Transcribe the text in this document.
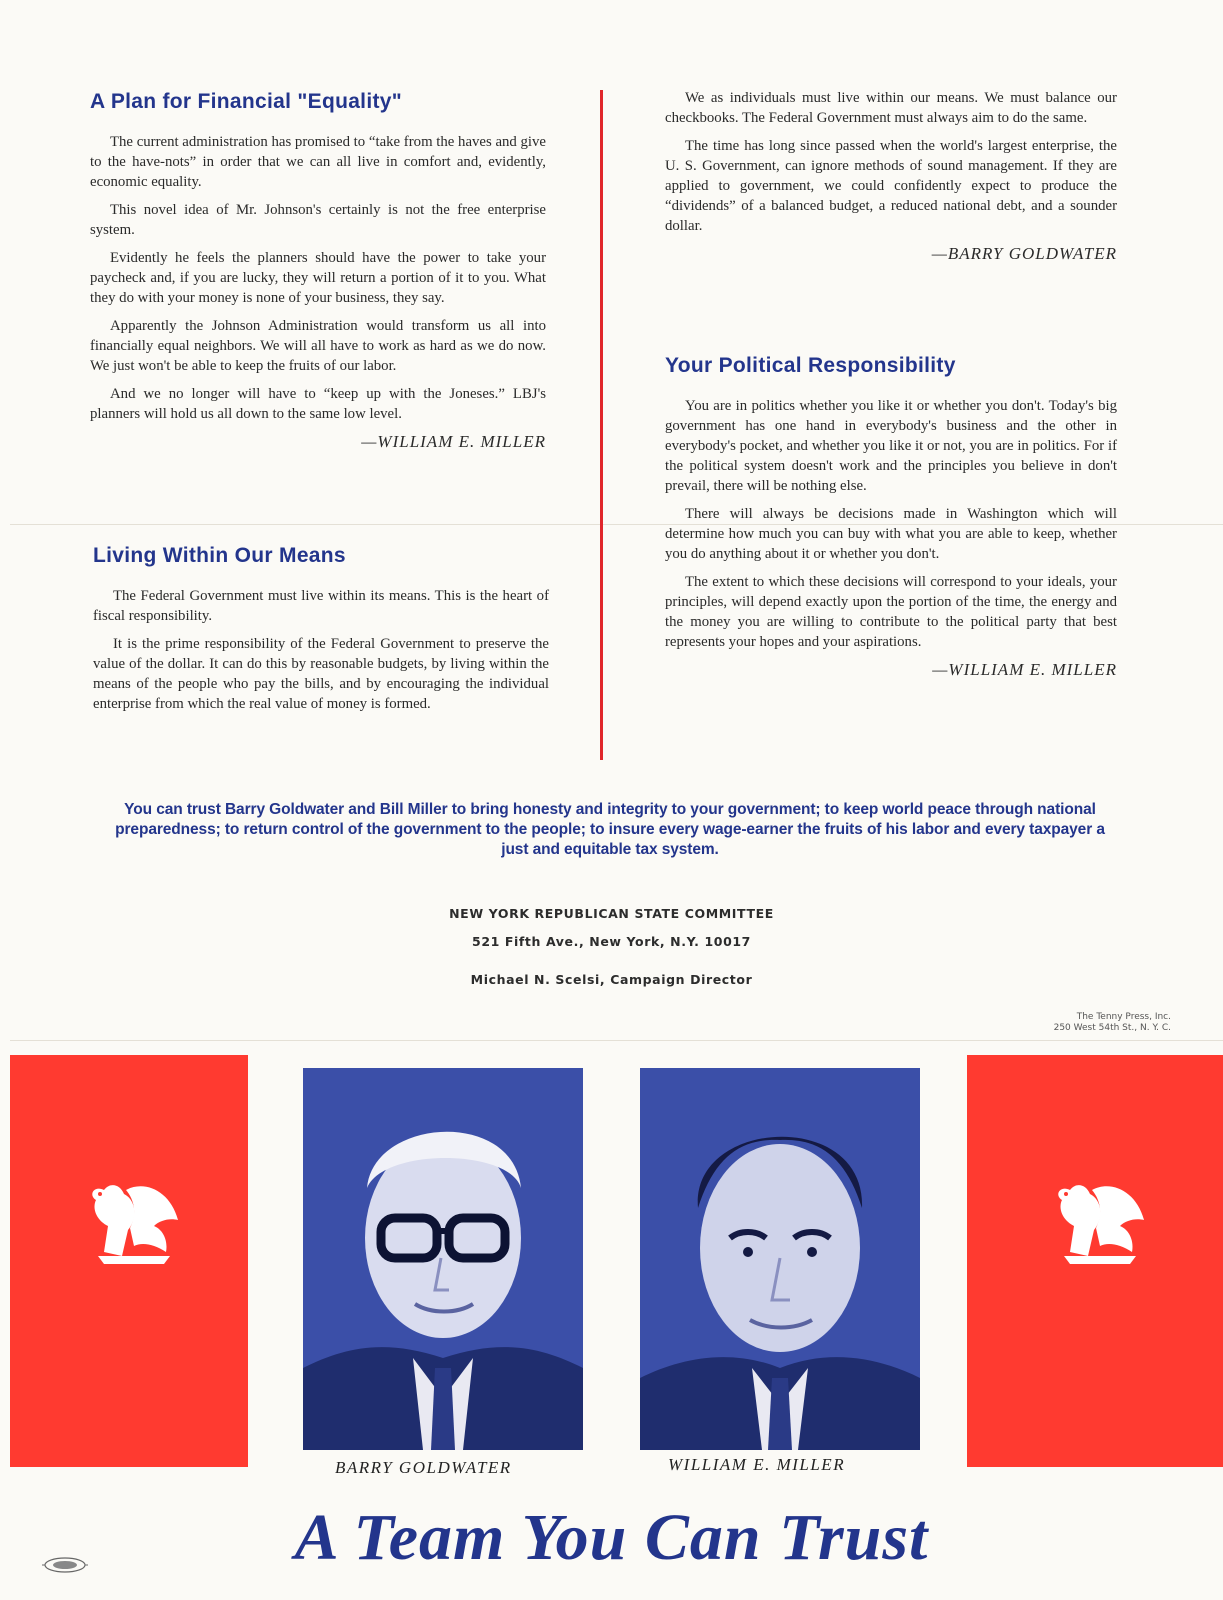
A Plan for Financial "Equality"

The current administration has promised to “take from the haves and give to the have-nots” in order that we can all live in comfort and, evidently, economic equality.

This novel idea of Mr. Johnson's certainly is not the free enterprise system.

Evidently he feels the planners should have the power to take your paycheck and, if you are lucky, they will return a portion of it to you. What they do with your money is none of your business, they say.

Apparently the Johnson Administration would transform us all into financially equal neighbors. We will all have to work as hard as we do now. We just won't be able to keep the fruits of our labor.

And we no longer will have to “keep up with the Joneses.” LBJ's planners will hold us all down to the same low level.

—WILLIAM E. MILLER
Living Within Our Means

The Federal Government must live within its means. This is the heart of fiscal responsibility.

It is the prime responsibility of the Federal Government to preserve the value of the dollar. It can do this by reasonable budgets, by living within the means of the people who pay the bills, and by encouraging the individual enterprise from which the real value of money is formed.

We as individuals must live within our means. We must balance our checkbooks. The Federal Government must always aim to do the same.

The time has long since passed when the world's largest enterprise, the U. S. Government, can ignore methods of sound management. If they are applied to government, we could confidently expect to produce the “dividends” of a balanced budget, a reduced national debt, and a sounder dollar.

—BARRY GOLDWATER
Your Political Responsibility

You are in politics whether you like it or whether you don't. Today's big government has one hand in everybody's business and the other in everybody's pocket, and whether you like it or not, you are in politics. For if the political system doesn't work and the principles you believe in don't prevail, there will be nothing else.

There will always be decisions made in Washington which will determine how much you can buy with what you are able to keep, whether you do anything about it or whether you don't.

The extent to which these decisions will correspond to your ideals, your principles, will depend exactly upon the portion of the time, the energy and the money you are willing to contribute to the political party that best represents your hopes and your aspirations.

—WILLIAM E. MILLER
You can trust Barry Goldwater and Bill Miller to bring honesty and integrity to your government; to keep world peace through national preparedness; to return control of the government to the people; to insure every wage-earner the fruits of his labor and every taxpayer a just and equitable tax system.
NEW YORK REPUBLICAN STATE COMMITTEE
521 Fifth Ave., New York, N.Y. 10017
Michael N. Scelsi, Campaign Director
The Tenny Press, Inc.
250 West 54th St., N. Y. C.
BARRY GOLDWATER	WILLIAM E. MILLER
A Team You Can Trust
